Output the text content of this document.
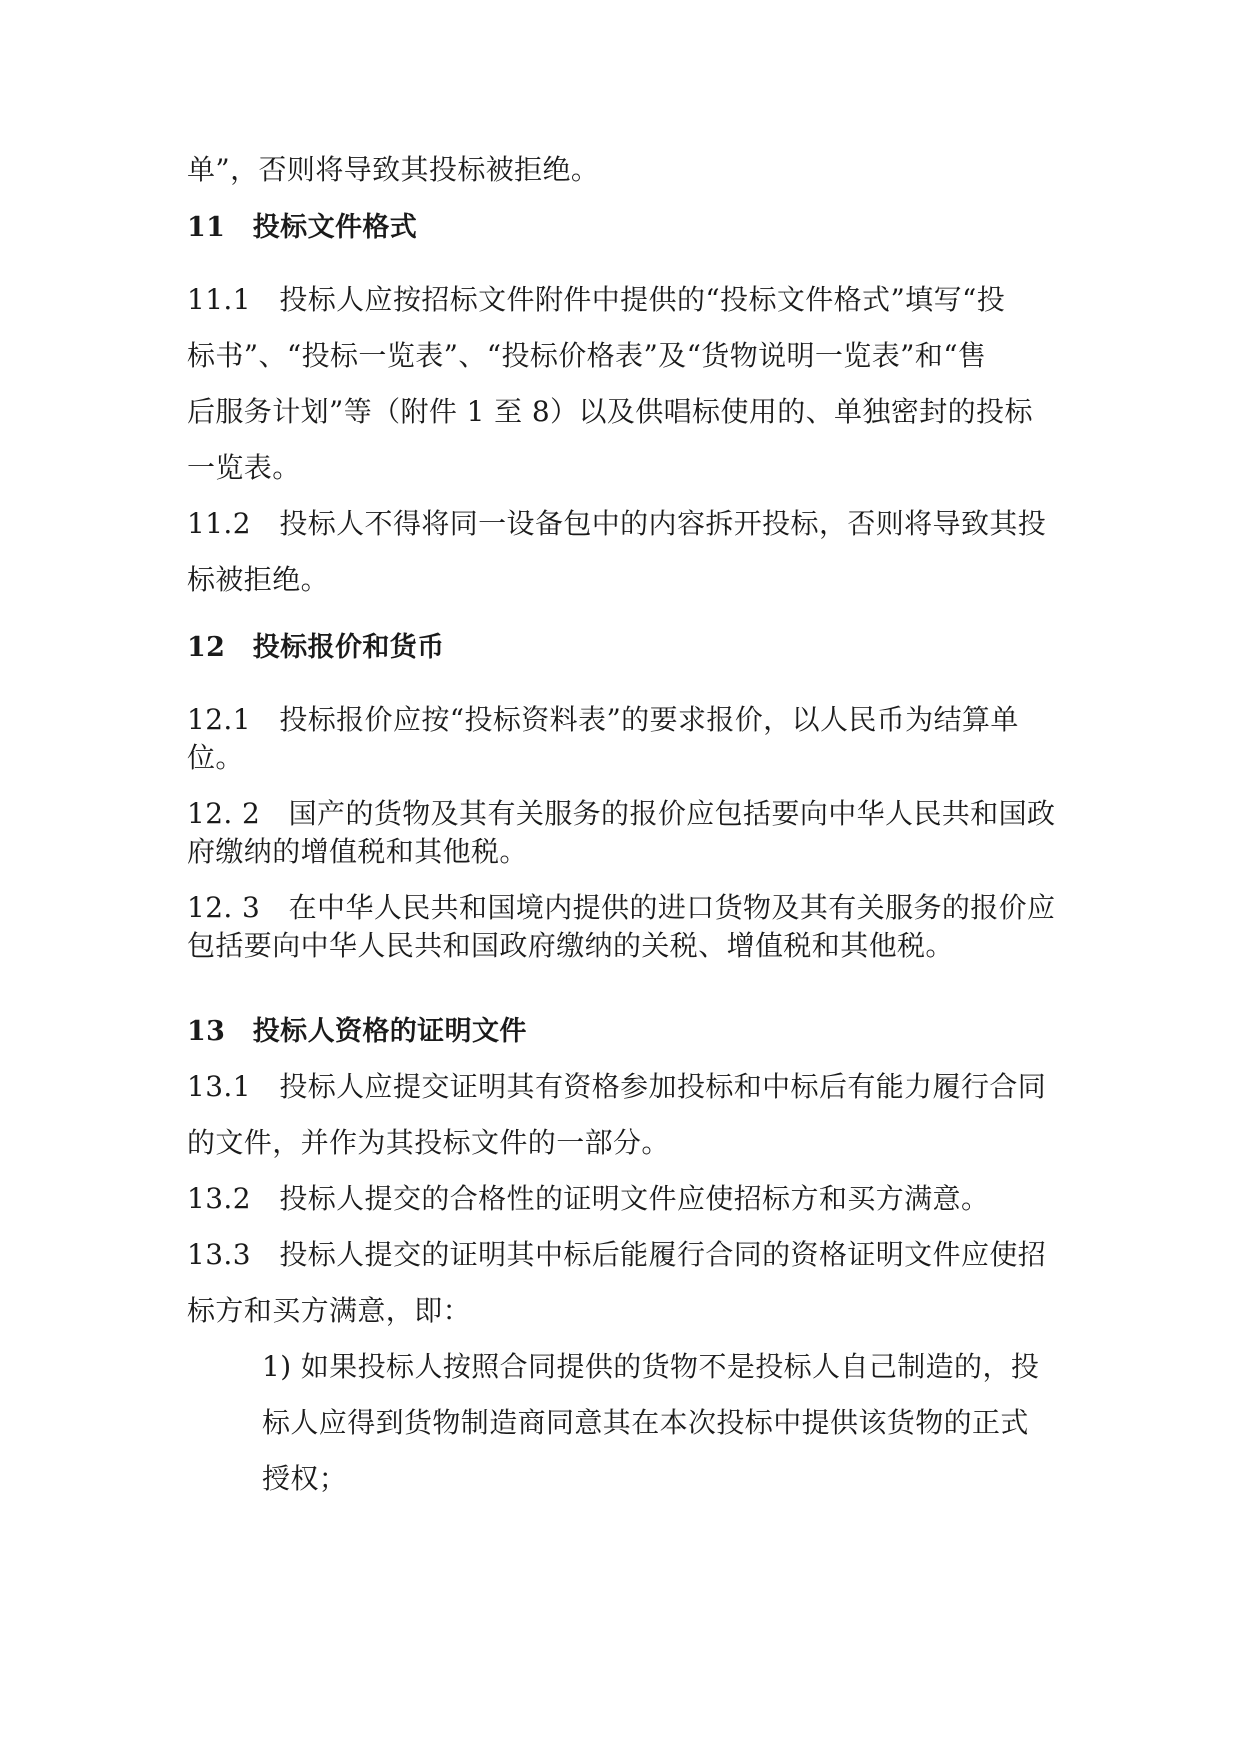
单”，否则将导致其投标被拒绝。
11　投标文件格式
11.1　投标人应按招标文件附件中提供的“投标文件格式”填写“投
标书”、“投标一览表”、“投标价格表”及“货物说明一览表”和“售
后服务计划”等（附件 1 至 8）以及供唱标使用的、单独密封的投标
一览表。
11.2　投标人不得将同一设备包中的内容拆开投标，否则将导致其投
标被拒绝。
12　投标报价和货币
12.1　投标报价应按“投标资料表”的要求报价，以人民币为结算单
位。
12. 2　国产的货物及其有关服务的报价应包括要向中华人民共和国政
府缴纳的增值税和其他税。
12. 3　在中华人民共和国境内提供的进口货物及其有关服务的报价应
包括要向中华人民共和国政府缴纳的关税、增值税和其他税。
13　投标人资格的证明文件
13.1　投标人应提交证明其有资格参加投标和中标后有能力履行合同
的文件，并作为其投标文件的一部分。
13.2　投标人提交的合格性的证明文件应使招标方和买方满意。
13.3　投标人提交的证明其中标后能履行合同的资格证明文件应使招
标方和买方满意，即：
1) 如果投标人按照合同提供的货物不是投标人自己制造的，投
标人应得到货物制造商同意其在本次投标中提供该货物的正式
授权；
